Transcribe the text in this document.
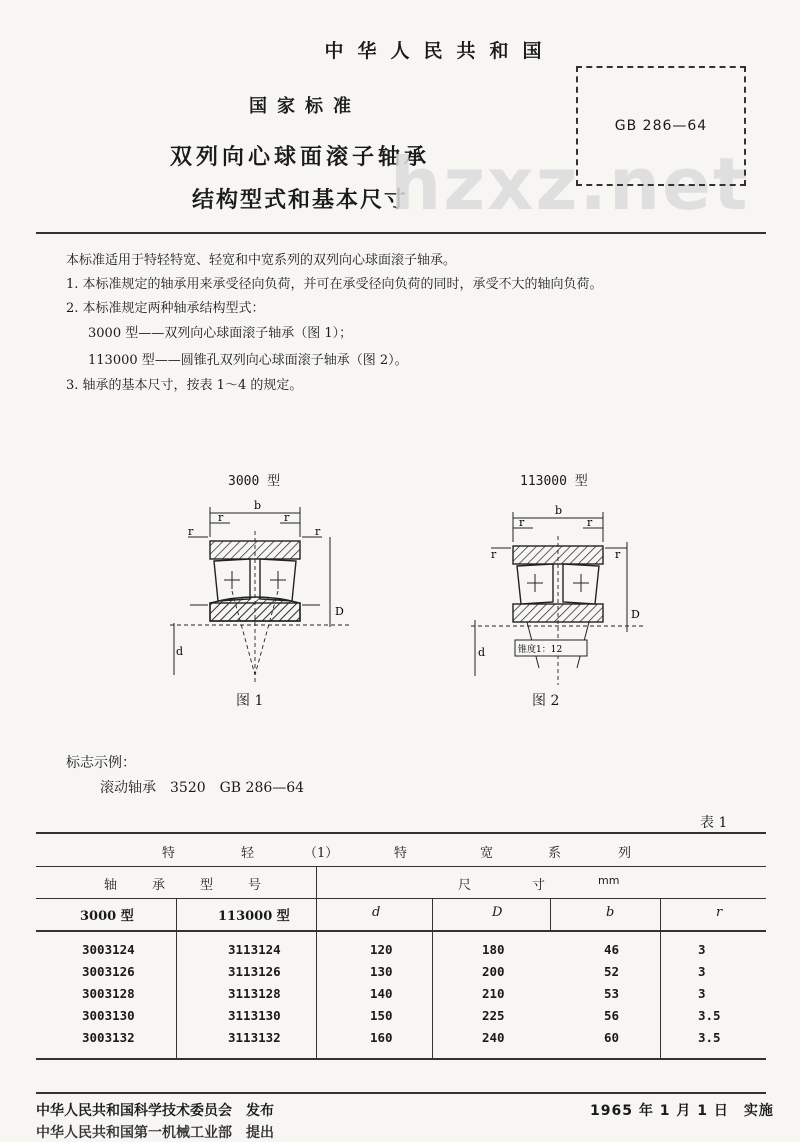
中华人民共和国
国家标准
双列向心球面滚子轴承
结构型式和基本尺寸
hzxz.net
GB 286—64
本标准适用于特轻特宽、轻宽和中宽系列的双列向心球面滚子轴承。
1. 本标准规定的轴承用来承受径向负荷，并可在承受径向负荷的同时，承受不大的轴向负荷。
2. 本标准规定两种轴承结构型式：
3000 型——双列向心球面滚子轴承（图 1）；
113000 型——圆锥孔双列向心球面滚子轴承（图 2）。
3. 轴承的基本尺寸，按表 1～4 的规定。
3000 型
b
r	r
r	r
D
d
图 1
113000 型
b
r	r
r	r
D
d	锥度1：12
图 2
标志示例：
滚动轴承　3520　GB 286—64
表 1
特	轻	（1）	特	宽	系	列
轴	承	型	号	尺	寸	mm
3000 型	113000 型	d	D	b	r
3003124	3113124	120	180	46	3
3003126	3113126	130	200	52	3
3003128	3113128	140	210	53	3
3003130	3113130	150	225	56	3.5
3003132	3113132	160	240	60	3.5
中华人民共和国科学技术委员会　发布	1965 年 1 月 1 日　实施
中华人民共和国第一机械工业部　提出
